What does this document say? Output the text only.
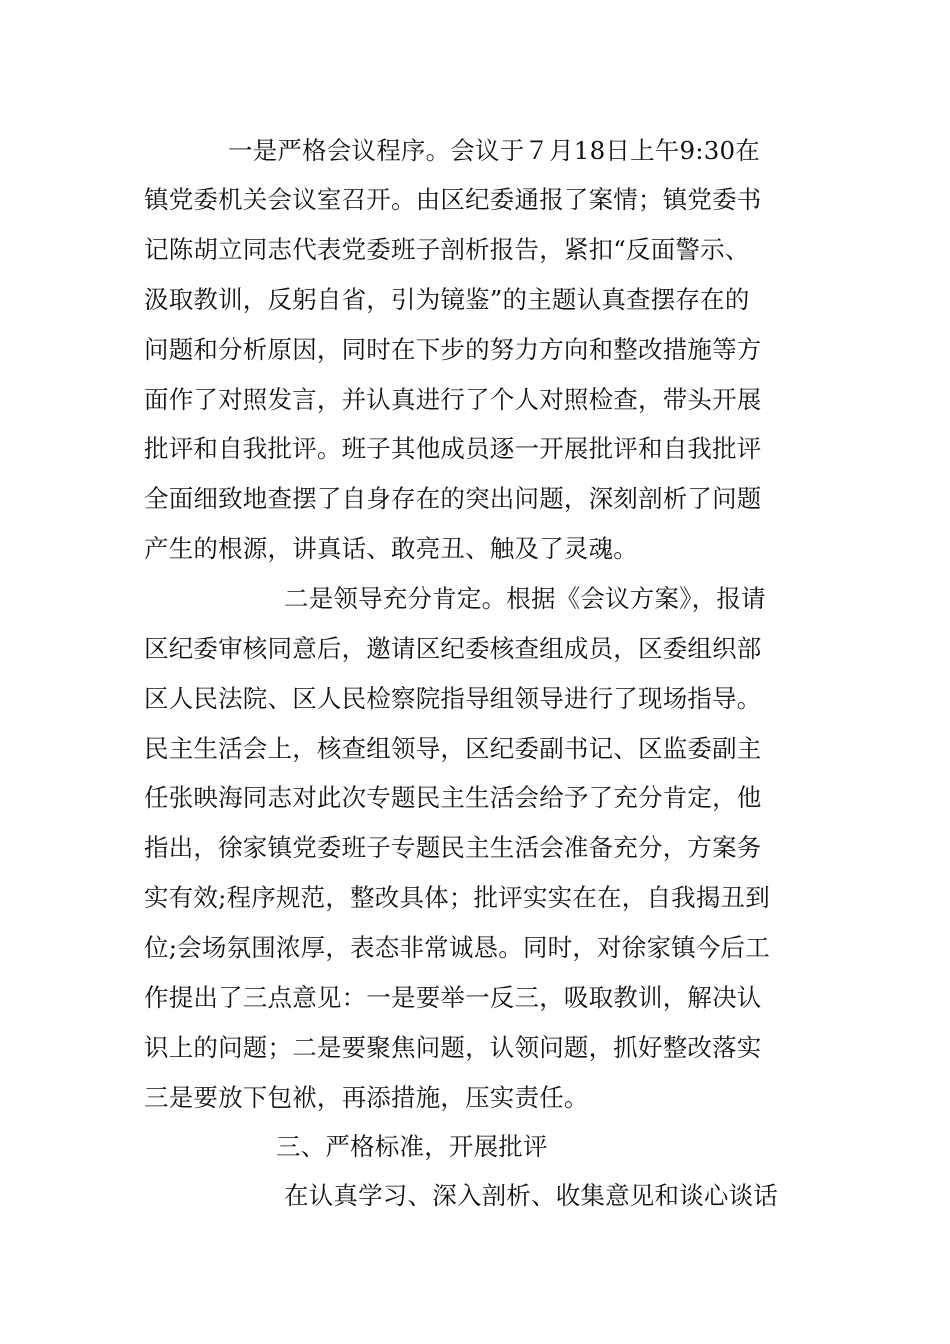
一是严格会议程序。会议于７月18日上午9:30在
镇党委机关会议室召开。由区纪委通报了案情；镇党委书
记陈胡立同志代表党委班子剖析报告，紧扣“反面警示、
汲取教训，反躬自省，引为镜鉴”的主题认真查摆存在的
问题和分析原因，同时在下步的努力方向和整改措施等方
面作了对照发言，并认真进行了个人对照检查，带头开展
批评和自我批评。班子其他成员逐一开展批评和自我批评
全面细致地查摆了自身存在的突出问题，深刻剖析了问题
产生的根源，讲真话、敢亮丑、触及了灵魂。
二是领导充分肯定。根据《会议方案》，报请
区纪委审核同意后，邀请区纪委核查组成员，区委组织部
区人民法院、区人民检察院指导组领导进行了现场指导。
民主生活会上，核查组领导，区纪委副书记、区监委副主
任张映海同志对此次专题民主生活会给予了充分肯定，他
指出，徐家镇党委班子专题民主生活会准备充分，方案务
实有效;程序规范，整改具体；批评实实在在，自我揭丑到
位;会场氛围浓厚，表态非常诚恳。同时，对徐家镇今后工
作提出了三点意见：一是要举一反三，吸取教训，解决认
识上的问题；二是要聚焦问题，认领问题，抓好整改落实
三是要放下包袱，再添措施，压实责任。
三、严格标准，开展批评
在认真学习、深入剖析、收集意见和谈心谈话
